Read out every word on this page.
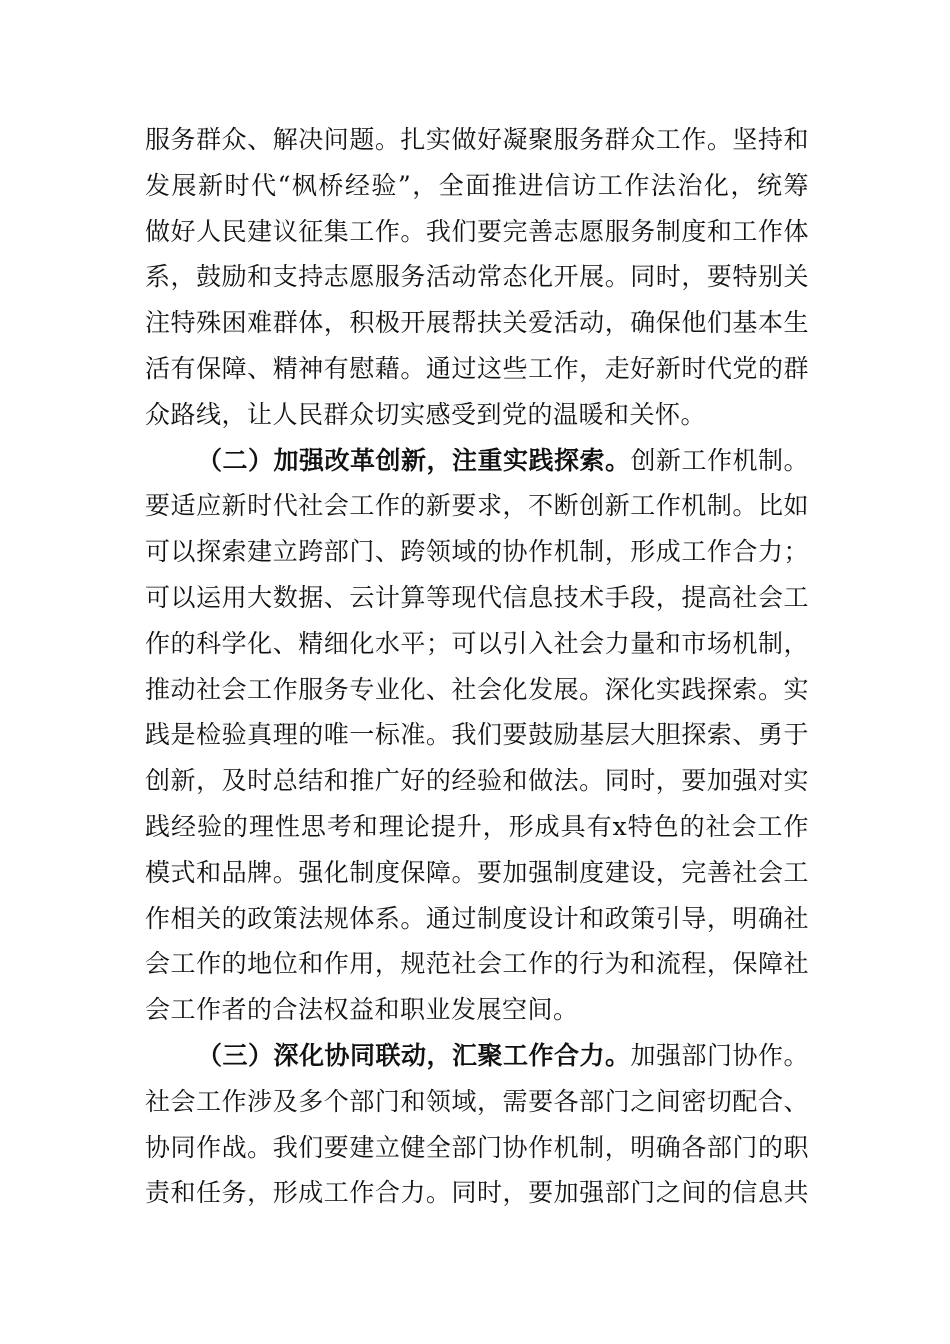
服务群众、解决问题。扎实做好凝聚服务群众工作。坚持和
发展新时代“枫桥经验”，全面推进信访工作法治化，统筹
做好人民建议征集工作。我们要完善志愿服务制度和工作体
系，鼓励和支持志愿服务活动常态化开展。同时，要特别关
注特殊困难群体，积极开展帮扶关爱活动，确保他们基本生
活有保障、精神有慰藉。通过这些工作，走好新时代党的群
众路线，让人民群众切实感受到党的温暖和关怀。
（二）加强改革创新，注重实践探索。创新工作机制。
要适应新时代社会工作的新要求，不断创新工作机制。比如
可以探索建立跨部门、跨领域的协作机制，形成工作合力；
可以运用大数据、云计算等现代信息技术手段，提高社会工
作的科学化、精细化水平；可以引入社会力量和市场机制，
推动社会工作服务专业化、社会化发展。深化实践探索。实
践是检验真理的唯一标准。我们要鼓励基层大胆探索、勇于
创新，及时总结和推广好的经验和做法。同时，要加强对实
践经验的理性思考和理论提升，形成具有x特色的社会工作
模式和品牌。强化制度保障。要加强制度建设，完善社会工
作相关的政策法规体系。通过制度设计和政策引导，明确社
会工作的地位和作用，规范社会工作的行为和流程，保障社
会工作者的合法权益和职业发展空间。
（三）深化协同联动，汇聚工作合力。加强部门协作。
社会工作涉及多个部门和领域，需要各部门之间密切配合、
协同作战。我们要建立健全部门协作机制，明确各部门的职
责和任务，形成工作合力。同时，要加强部门之间的信息共
